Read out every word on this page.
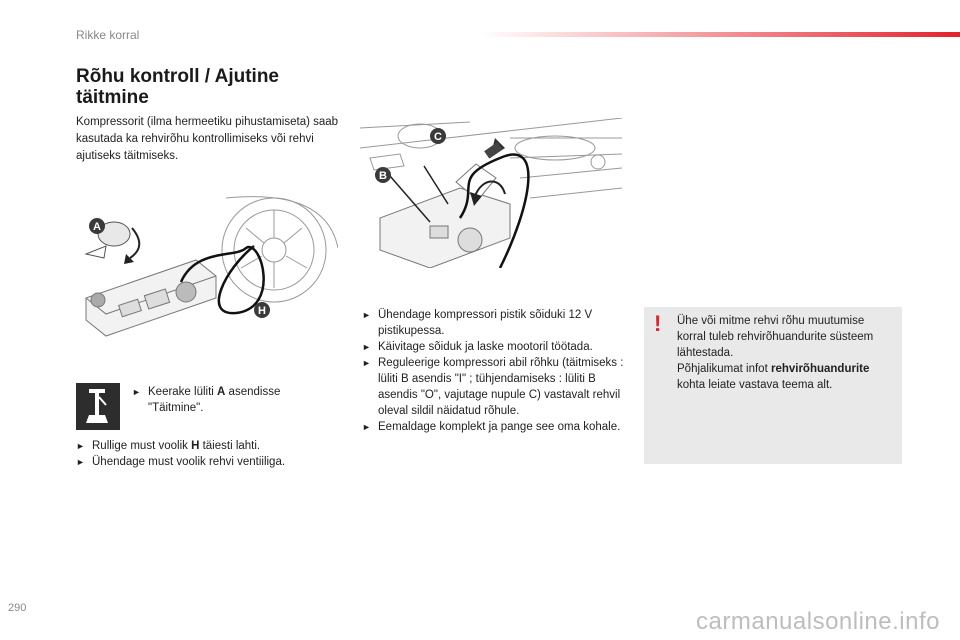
Rikke korral
Rõhu kontroll / Ajutine
täitmine
Kompressorit (ilma hermeetiku pihustamiseta) saab kasutada ka rehvirõhu kontrollimiseks või rehvi ajutiseks täitmiseks.
A
H
C
B
► Keerake lüliti A asendisse "Täitmine".
► Rullige must voolik H täiesti lahti.
► Ühendage must voolik rehvi ventiiliga.
► Ühendage kompressori pistik sõiduki 12 V pistikupessa.
► Käivitage sõiduk ja laske mootoril töötada.
► Reguleerige kompressori abil rõhku (täitmiseks : lüliti B asendis "I" ; tühjendamiseks : lüliti B asendis "O", vajutage nupule C) vastavalt rehvil oleval sildil näidatud rõhule.
► Eemaldage komplekt ja pange see oma kohale.
! Ühe või mitme rehvi rõhu muutumise korral tuleb rehvirõhuandurite süsteem lähtestada.
Põhjalikumat infot rehvirõhuandurite kohta leiate vastava teema alt.
290	carmanualsonline.info
